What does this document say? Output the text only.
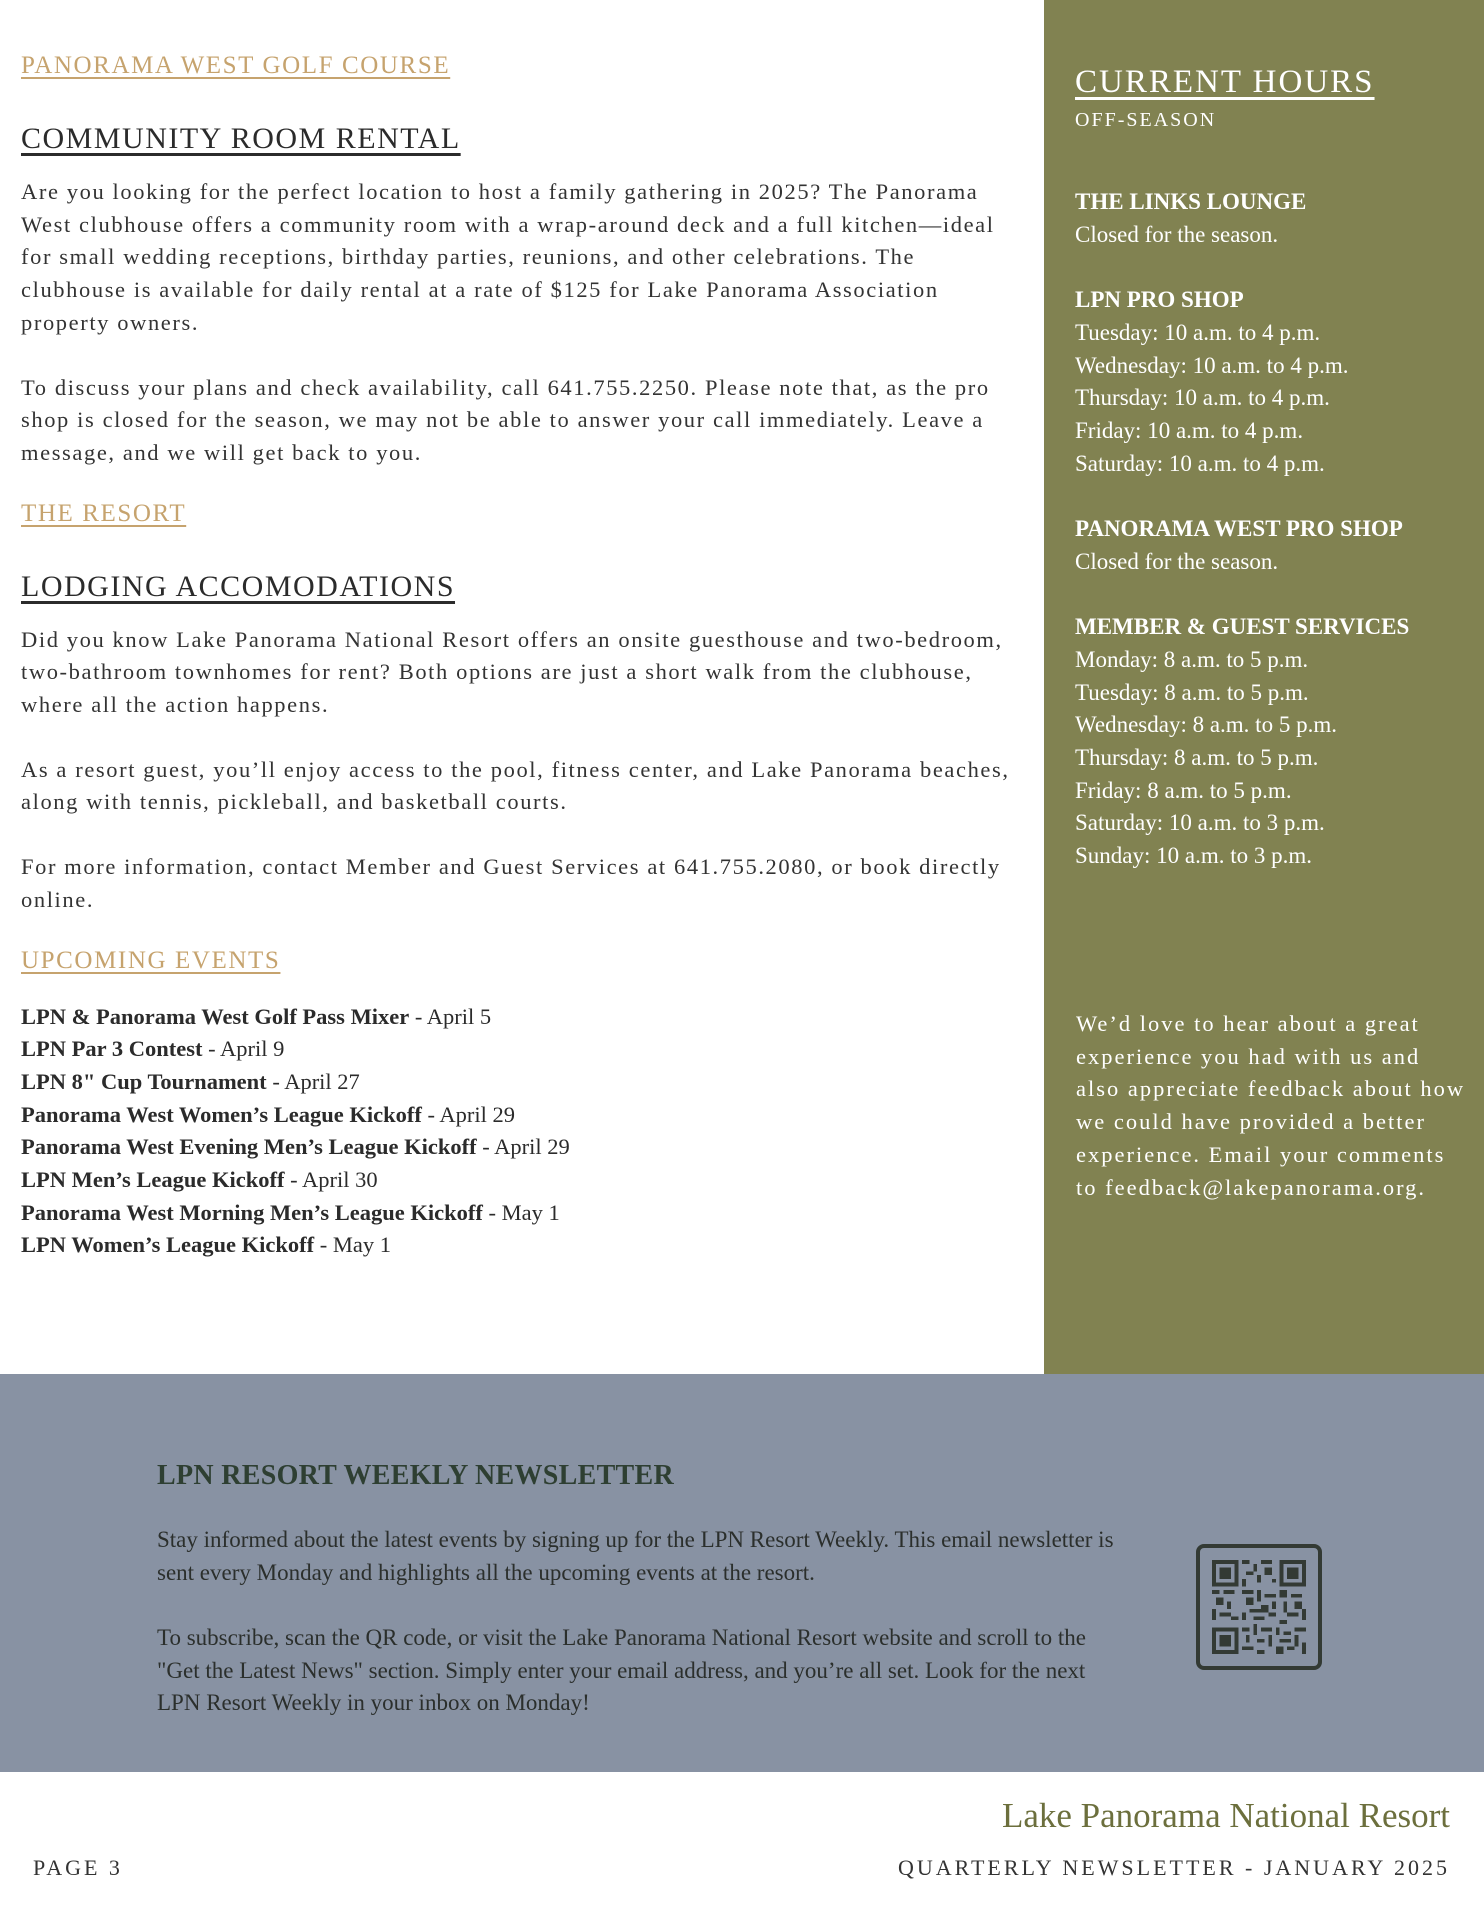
PANORAMA WEST GOLF COURSE
COMMUNITY ROOM RENTAL

Are you looking for the perfect location to host a family gathering in 2025? The Panorama West clubhouse offers a community room with a wrap-around deck and a full kitchen—ideal for small wedding receptions, birthday parties, reunions, and other celebrations. The clubhouse is available for daily rental at a rate of $125 for Lake Panorama Association property owners.

To discuss your plans and check availability, call 641.755.2250. Please note that, as the pro shop is closed for the season, we may not be able to answer your call immediately. Leave a message, and we will get back to you.

THE RESORT
LODGING ACCOMODATIONS

Did you know Lake Panorama National Resort offers an onsite guesthouse and two-bedroom, two-bathroom townhomes for rent? Both options are just a short walk from the clubhouse, where all the action happens.

As a resort guest, you’ll enjoy access to the pool, fitness center, and Lake Panorama beaches, along with tennis, pickleball, and basketball courts.

For more information, contact Member and Guest Services at 641.755.2080, or book directly online.

UPCOMING EVENTS
LPN & Panorama West Golf Pass Mixer - April 5
LPN Par 3 Contest - April 9
LPN 8" Cup Tournament - April 27
Panorama West Women’s League Kickoff - April 29
Panorama West Evening Men’s League Kickoff - April 29
LPN Men’s League Kickoff - April 30
Panorama West Morning Men’s League Kickoff - May 1
LPN Women’s League Kickoff - May 1
CURRENT HOURS

OFF-SEASON

THE LINKS LOUNGE

Closed for the season.

LPN PRO SHOP

Tuesday: 10 a.m. to 4 p.m.

Wednesday: 10 a.m. to 4 p.m.

Thursday: 10 a.m. to 4 p.m.

Friday: 10 a.m. to 4 p.m.

Saturday: 10 a.m. to 4 p.m.

PANORAMA WEST PRO SHOP

Closed for the season.

MEMBER & GUEST SERVICES

Monday: 8 a.m. to 5 p.m.

Tuesday: 8 a.m. to 5 p.m.

Wednesday: 8 a.m. to 5 p.m.

Thursday: 8 a.m. to 5 p.m.

Friday: 8 a.m. to 5 p.m.

Saturday: 10 a.m. to 3 p.m.

Sunday: 10 a.m. to 3 p.m.

We’d love to hear about a great experience you had with us and also appreciate feedback about how we could have provided a better experience. Email your comments to feedback@lakepanorama.org.

LPN RESORT WEEKLY NEWSLETTER

Stay informed about the latest events by signing up for the LPN Resort Weekly. This email newsletter is sent every Monday and highlights all the upcoming events at the resort.

To subscribe, scan the QR code, or visit the Lake Panorama National Resort website and scroll to the "Get the Latest News" section. Simply enter your email address, and you’re all set. Look for the next LPN Resort Weekly in your inbox on Monday!

Lake Panorama National Resort

PAGE 3	QUARTERLY NEWSLETTER - JANUARY 2025
